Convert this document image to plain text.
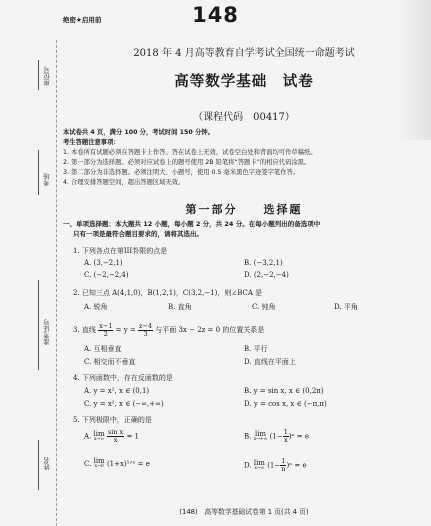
座位号
考场
准考证号
姓名
绝密★启用前	148
2018 年 4 月高等教育自学考试全国统一命题考试
高等数学基础　试卷
（课程代码　00417）
本试卷共 4 页，满分 100 分，考试时间 150 分钟。
考生答题注意事项：
1. 本卷所有试题必须在答题卡上作答。答在试卷上无效，试卷空白处和背面均可作草稿纸。
2. 第一部分为选择题。必须对应试卷上的题号使用 2B 铅笔将“答题卡”的相应代码涂黑。
3. 第二部分为非选择题。必须注明大、小题号，使用 0.5 毫米黑色字迹签字笔作答。
4. 合理安排答题空间，超出答题区域无效。
第一部分　　选择题
一、单项选择题：本大题共 12 小题，每小题 2 分，共 24 分。在每小题列出的备选项中
只有一项是最符合题目要求的，请将其选出。
1. 下列各点在第III卦限的点是
A. (3,−2,1)	B. (−3,2,1)
C. (−2,−2,4)	D. (2,−2,−4)
2. 已知三点 A(4,1,0)，B(1,2,1)，C(3,2,−1)，则∠BCA 是
A. 锐角	B. 直角	C. 钝角	D. 平角
3. 直线 $\frac{x-1}{2} = y = \frac{z-4}{3}$ 与平面 3x − 2z = 0 的位置关系是
A. 互相垂直	B. 平行
C. 相交而不垂直	D. 直线在平面上
4. 下列函数中，存在反函数的是
A. y = x², x ∈ (0,1)	B. y = sin x, x ∈ (0,2π)
C. y = x², x ∈ (−∞,+∞)	D. y = cos x, x ∈ (−π,π)
5. 下列极限中，正确的是
A. lim
x→∞
$\frac{\text{sin x}}{x} = 1$	B. lim
x→+∞ ($1- \frac{1}{x}$ )ˣ = e
C. lim
x→0 (1+x)¹ᐟˣ = e	D. lim
x→∞ $(1- \frac{1}{n} )^n = e$
(148)　高等数学基础试卷第 1 页(共 4 页)
